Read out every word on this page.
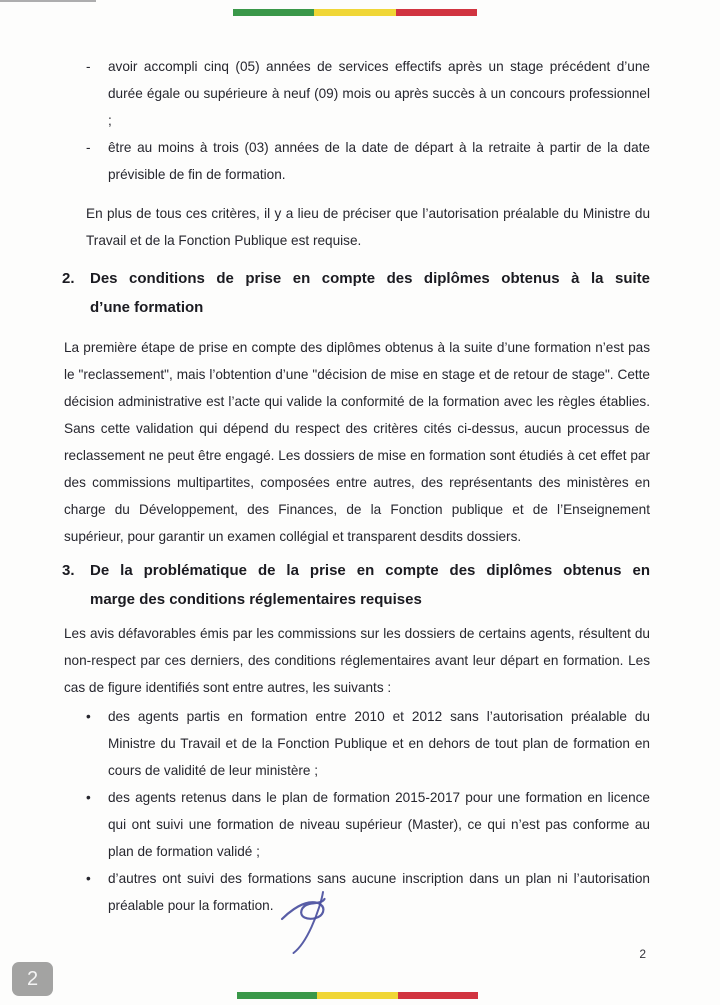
-	avoir accompli cinq (05) années de services effectifs après un stage précédent d’une durée égale ou supérieure à neuf (09) mois ou après succès à un concours professionnel ;
-	être au moins à trois (03) années de la date de départ à la retraite à partir de la date prévisible de fin de formation.
En plus de tous ces critères, il y a lieu de préciser que l’autorisation préalable du Ministre du Travail et de la Fonction Publique est requise.
2.	Des conditions de prise en compte des diplômes obtenus à la suite
d’une formation
La première étape de prise en compte des diplômes obtenus à la suite d’une formation n’est pas le "reclassement", mais l’obtention d’une "décision de mise en stage et de retour de stage". Cette décision administrative est l’acte qui valide la conformité de la formation avec les règles établies. Sans cette validation qui dépend du respect des critères cités ci-dessus, aucun processus de reclassement ne peut être engagé. Les dossiers de mise en formation sont étudiés à cet effet par des commissions multipartites, composées entre autres, des représentants des ministères en charge du Développement, des Finances, de la Fonction publique et de l’Enseignement supérieur, pour garantir un examen collégial et transparent desdits dossiers.
3.	De la problématique de la prise en compte des diplômes obtenus en
marge des conditions réglementaires requises
Les avis défavorables émis par les commissions sur les dossiers de certains agents, résultent du non-respect par ces derniers, des conditions réglementaires avant leur départ en formation. Les cas de figure identifiés sont entre autres, les suivants :
•	des agents partis en formation entre 2010 et 2012 sans l’autorisation préalable du Ministre du Travail et de la Fonction Publique et en dehors de tout plan de formation en cours de validité de leur ministère ;
•	des agents retenus dans le plan de formation 2015-2017 pour une formation en licence qui ont suivi une formation de niveau supérieur (Master), ce qui n’est pas conforme au plan de formation validé ;
•	d’autres ont suivi des formations sans aucune inscription dans un plan ni l’autorisation préalable pour la formation.
2
2
